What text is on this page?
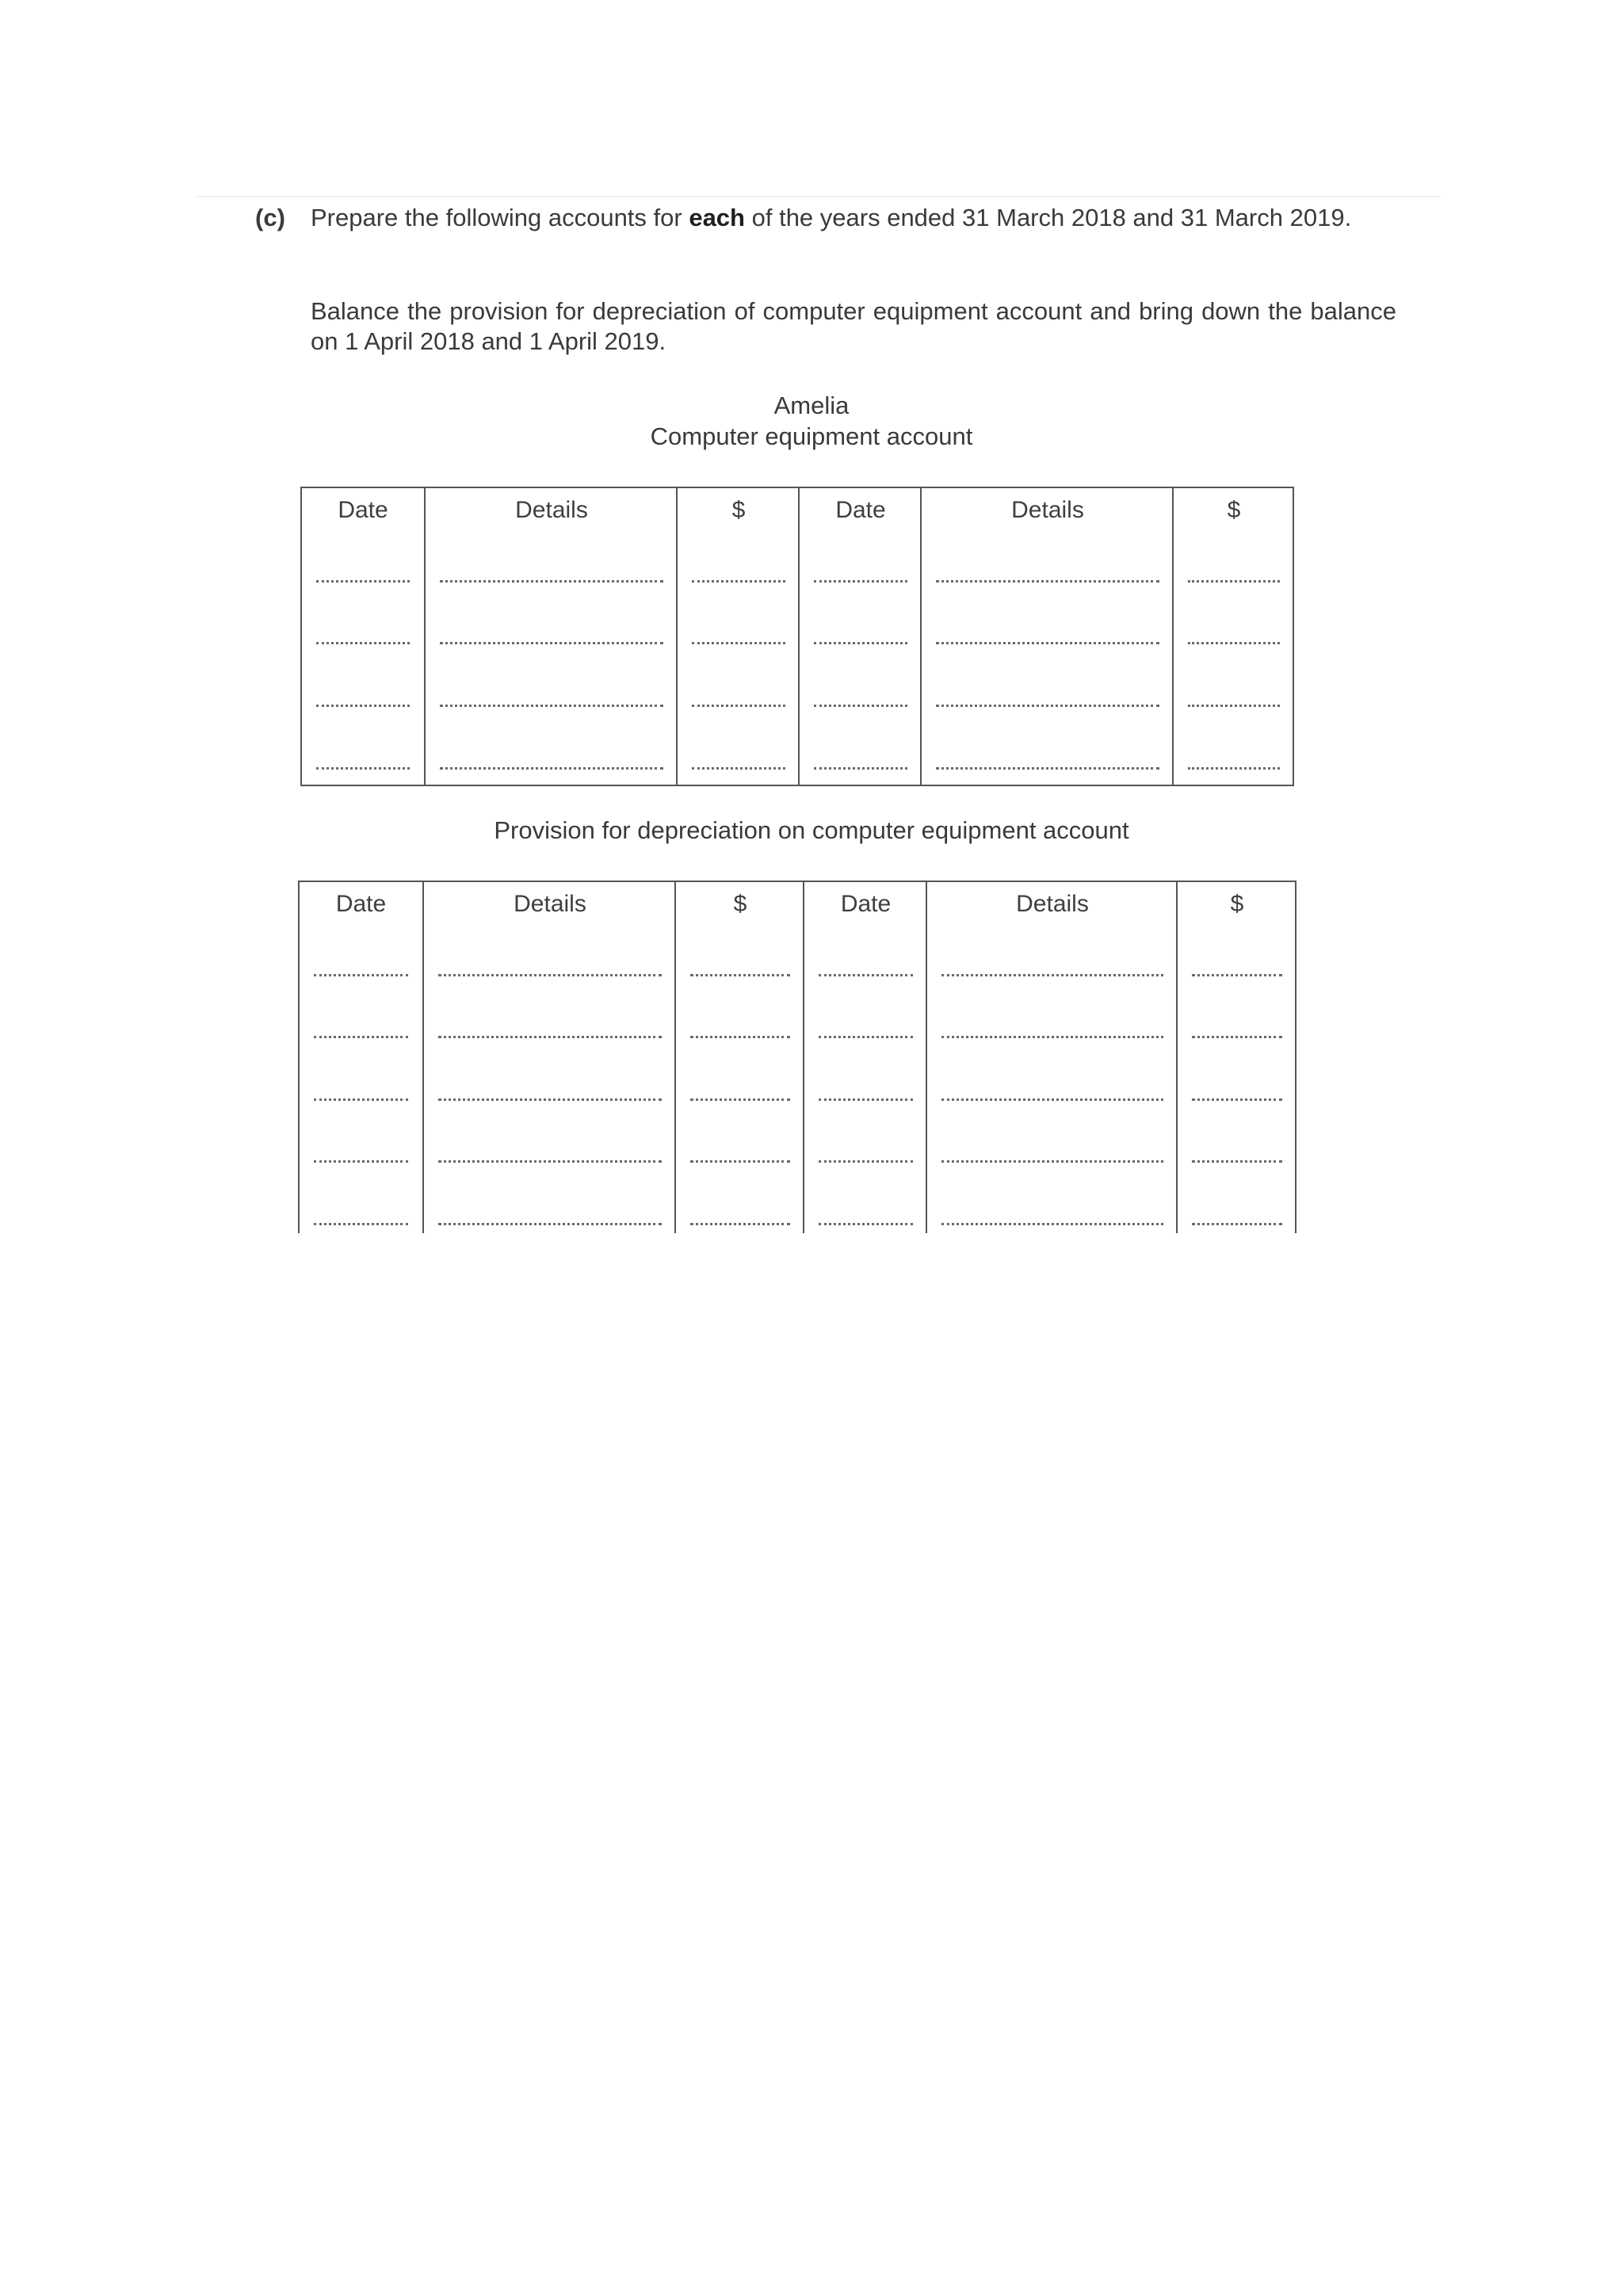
(c) Prepare the following accounts for each of the years ended 31 March 2018 and 31 March 2019.
Balance the provision for depreciation of computer equipment account and bring down the balance on 1 April 2018 and 1 April 2019.
Amelia
Computer equipment account
Date	Details	$	Date	Details	$
Provision for depreciation on computer equipment account
Date	Details	$	Date	Details	$
